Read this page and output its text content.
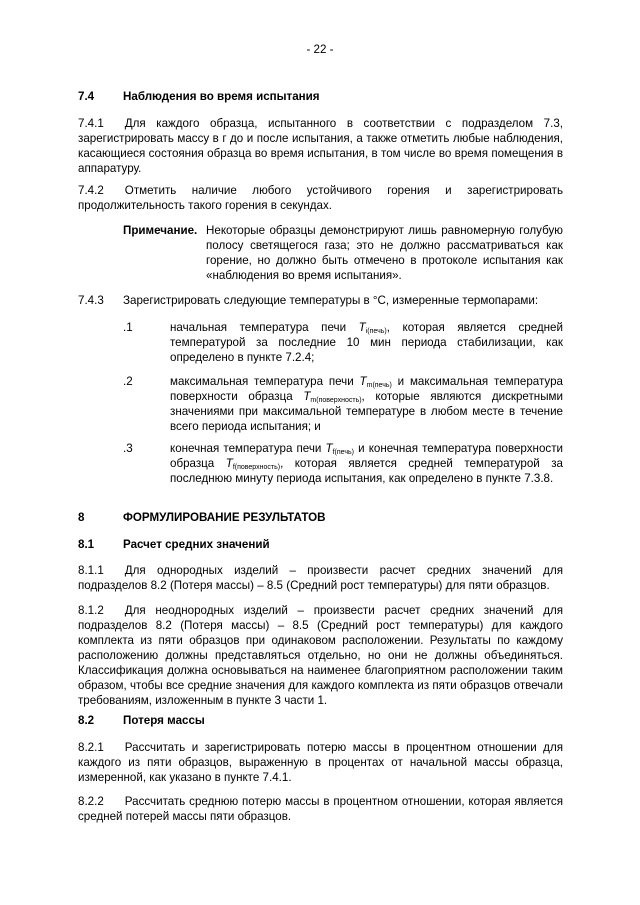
- 22 -
7.4 Наблюдения во время испытания

7.4.1 Для каждого образца, испытанного в соответствии с подразделом 7.3, зарегистрировать массу в г до и после испытания, а также отметить любые наблюдения, касающиеся состояния образца во время испытания, в том числе во время помещения в аппаратуру.

7.4.2 Отметить наличие любого устойчивого горения и зарегистрировать продолжительность такого горения в секундах.

Примечание. Некоторые образцы демонстрируют лишь равномерную голубую полосу светящегося газа; это не должно рассматриваться как горение, но должно быть отмечено в протоколе испытания как «наблюдения во время испытания».
7.4.3 Зарегистрировать следующие температуры в °C, измеренные термопарами:
.1	начальная температура печи $T_{i(печь)}$, которая является средней температурой за последние 10 мин периода стабилизации, как определено в пункте 7.2.4;
.2	максимальная температура печи $T_{m(печь)}$ и максимальная температура поверхности образца $T_{m(поверхность)}$, которые являются дискретными значениями при максимальной температуре в любом месте в течение всего периода испытания; и
.3	конечная температура печи $T_{f(печь)}$ и конечная температура поверхности образца $T_{f(поверхность)}$, которая является средней температурой за последнюю минуту периода испытания, как определено в пункте 7.3.8.
8	ФОРМУЛИРОВАНИЕ РЕЗУЛЬТАТОВ
8.1 Расчет средних значений

8.1.1 Для однородных изделий – произвести расчет средних значений для подразделов 8.2 (Потеря массы) – 8.5 (Средний рост температуры) для пяти образцов.

8.1.2 Для неоднородных изделий – произвести расчет средних значений для подразделов 8.2 (Потеря массы) – 8.5 (Средний рост температуры) для каждого комплекта из пяти образцов при одинаковом расположении. Результаты по каждому расположению должны представляться отдельно, но они не должны объединяться. Классификация должна основываться на наименее благоприятном расположении таким образом, чтобы все средние значения для каждого комплекта из пяти образцов отвечали требованиям, изложенным в пункте 3 части 1.

8.2 Потеря массы

8.2.1 Рассчитать и зарегистрировать потерю массы в процентном отношении для каждого из пяти образцов, выраженную в процентах от начальной массы образца, измеренной, как указано в пункте 7.4.1.

8.2.2 Рассчитать среднюю потерю массы в процентном отношении, которая является средней потерей массы пяти образцов.
